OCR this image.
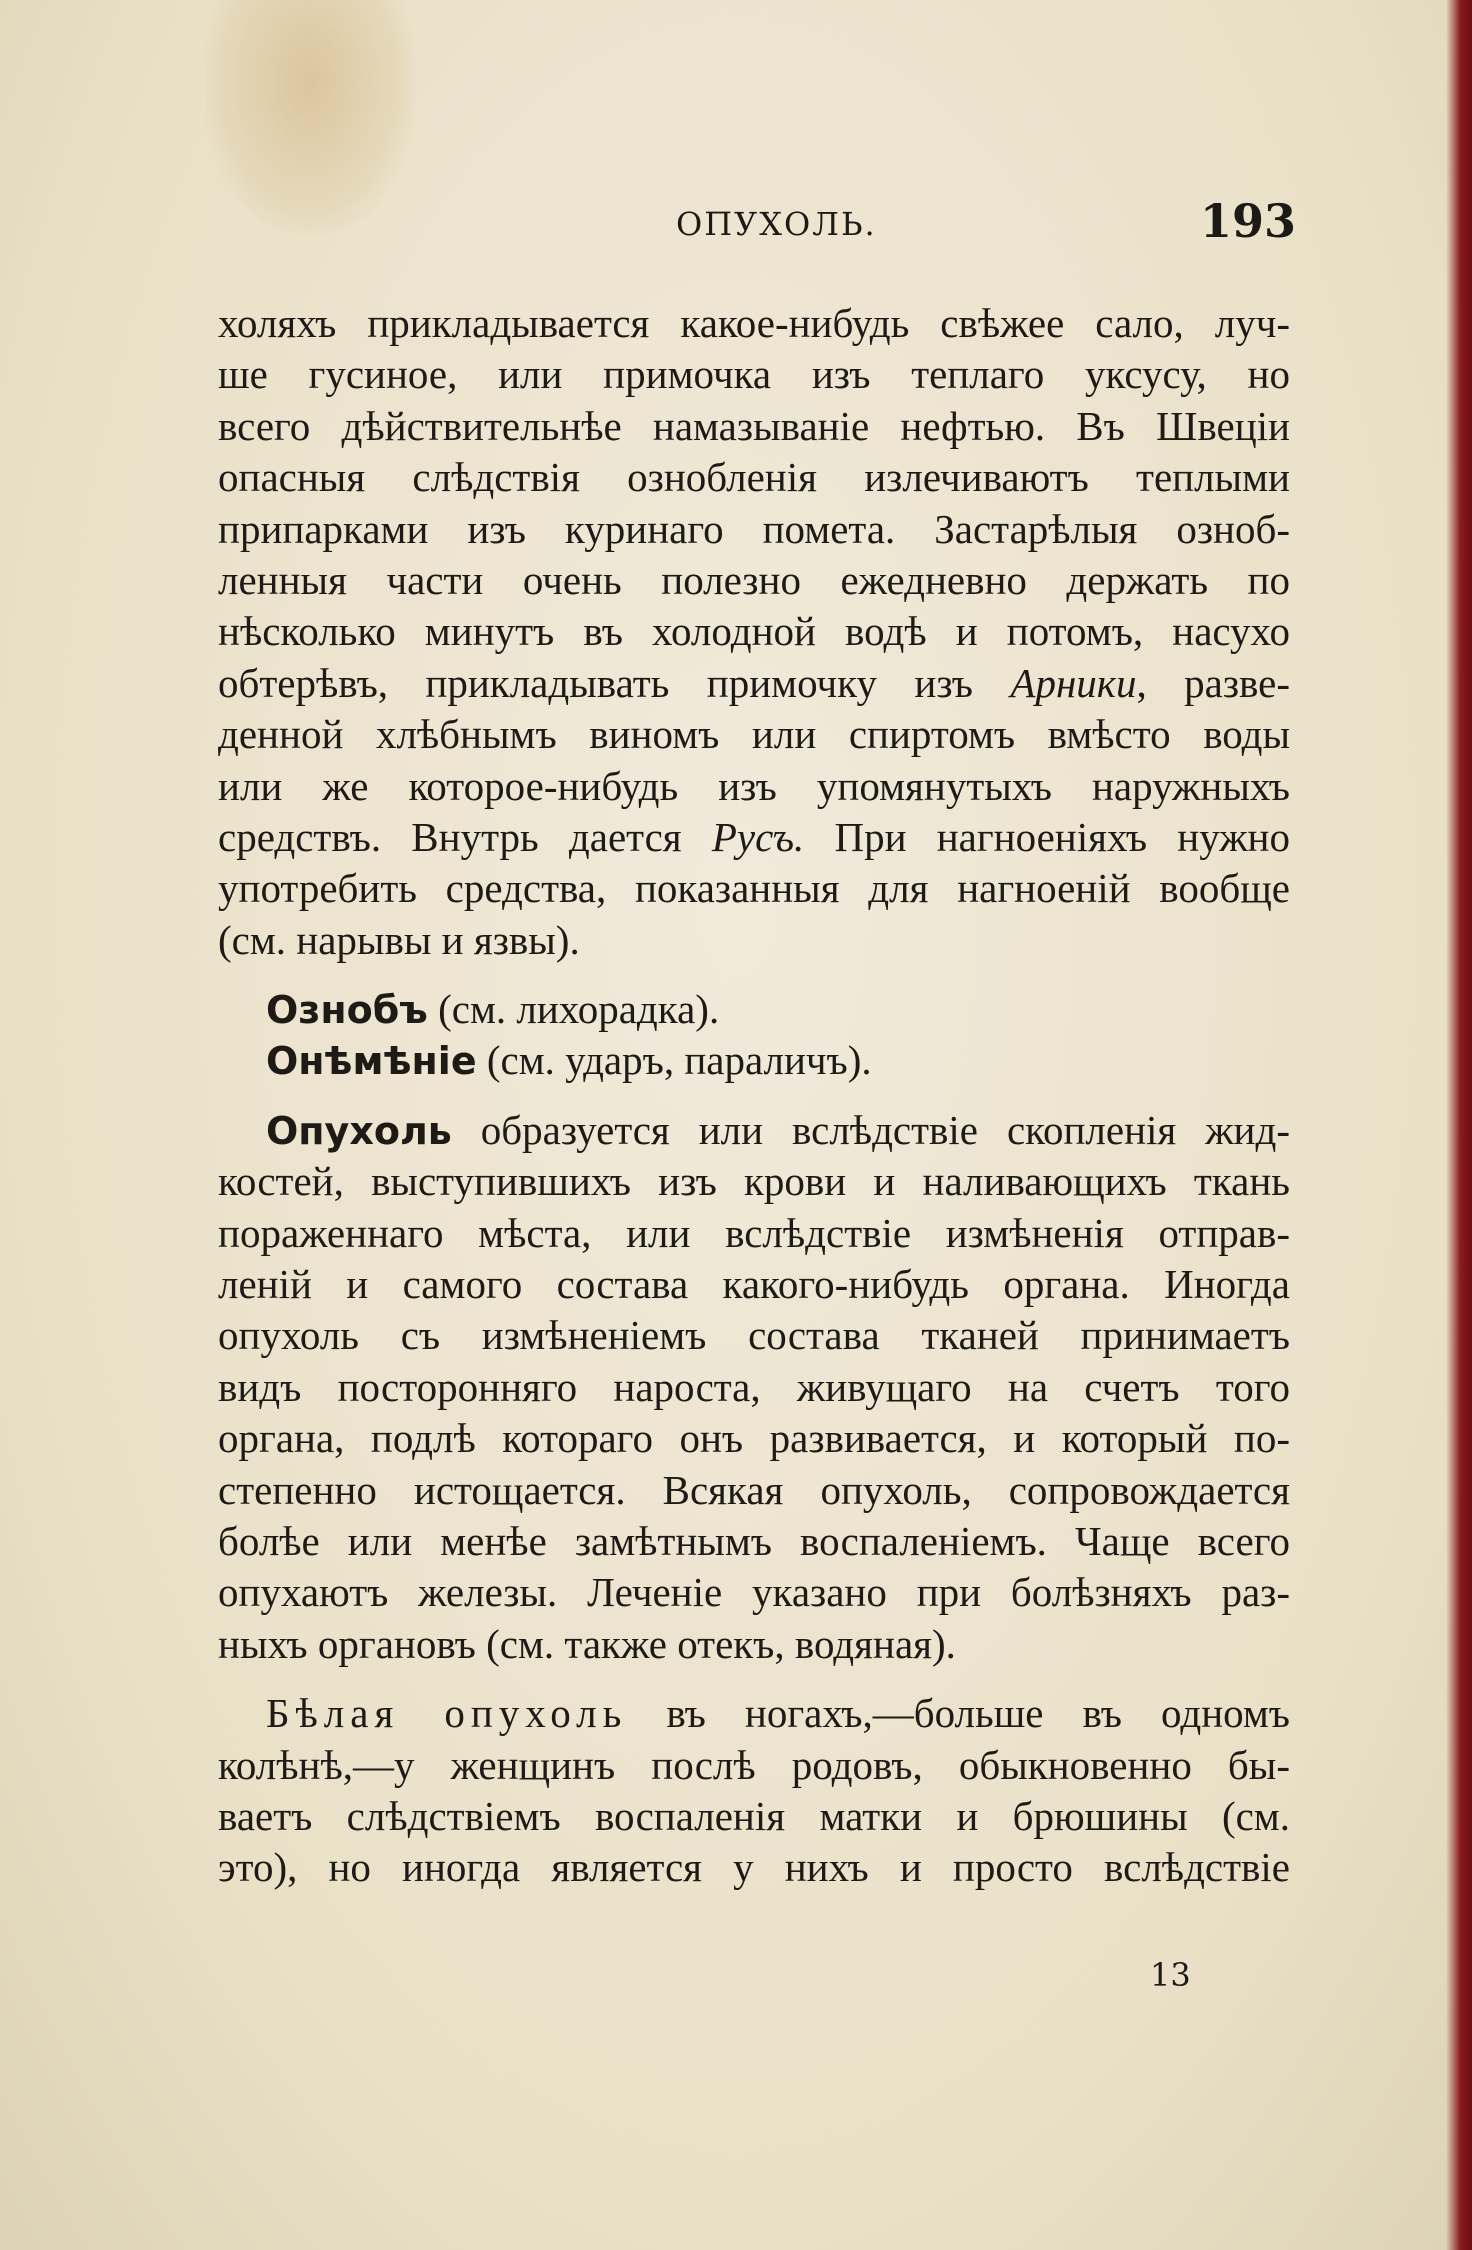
ОПУХОЛЬ.	193
холяхъ прикладывается какое-нибудь свѣжее сало, луч-
ше гусиное, или примочка изъ теплаго уксусу, но
всего дѣйствительнѣе намазываніе нефтью. Въ Швеціи
опасныя слѣдствія ознобленія излечиваютъ теплыми
припарками изъ куринаго помета. Застарѣлыя озноб-
ленныя части очень полезно ежедневно держать по
нѣсколько минутъ въ холодной водѣ и потомъ, насухо
обтерѣвъ, прикладывать примочку изъ Арники, разве-
денной хлѣбнымъ виномъ или спиртомъ вмѣсто воды
или же которое-нибудь изъ упомянутыхъ наружныхъ
средствъ. Внутрь дается Русъ. При нагноеніяхъ нужно
употребить средства, показанныя для нагноеній вообще
(см. нарывы и язвы).
Ознобъ (см. лихорадка).
Онѣмѣніе (см. ударъ, параличъ).
Опухоль образуется или вслѣдствіе скопленія жид-
костей, выступившихъ изъ крови и наливающихъ ткань
пораженнаго мѣста, или вслѣдствіе измѣненія отправ-
леній и самого состава какого-нибудь органа. Иногда
опухоль съ измѣненіемъ состава тканей принимаетъ
видъ посторонняго нароста, живущаго на счетъ того
органа, подлѣ котораго онъ развивается, и который по-
степенно истощается. Всякая опухоль, сопровождается
болѣе или менѣе замѣтнымъ воспаленіемъ. Чаще всего
опухаютъ железы. Леченіе указано при болѣзняхъ раз-
ныхъ органовъ (см. также отекъ, водяная).
Бѣлая опухоль въ ногахъ,—больше въ одномъ
колѣнѣ,—у женщинъ послѣ родовъ, обыкновенно бы-
ваетъ слѣдствіемъ воспаленія матки и брюшины (см.
это), но иногда является у нихъ и просто вслѣдствіе
13
